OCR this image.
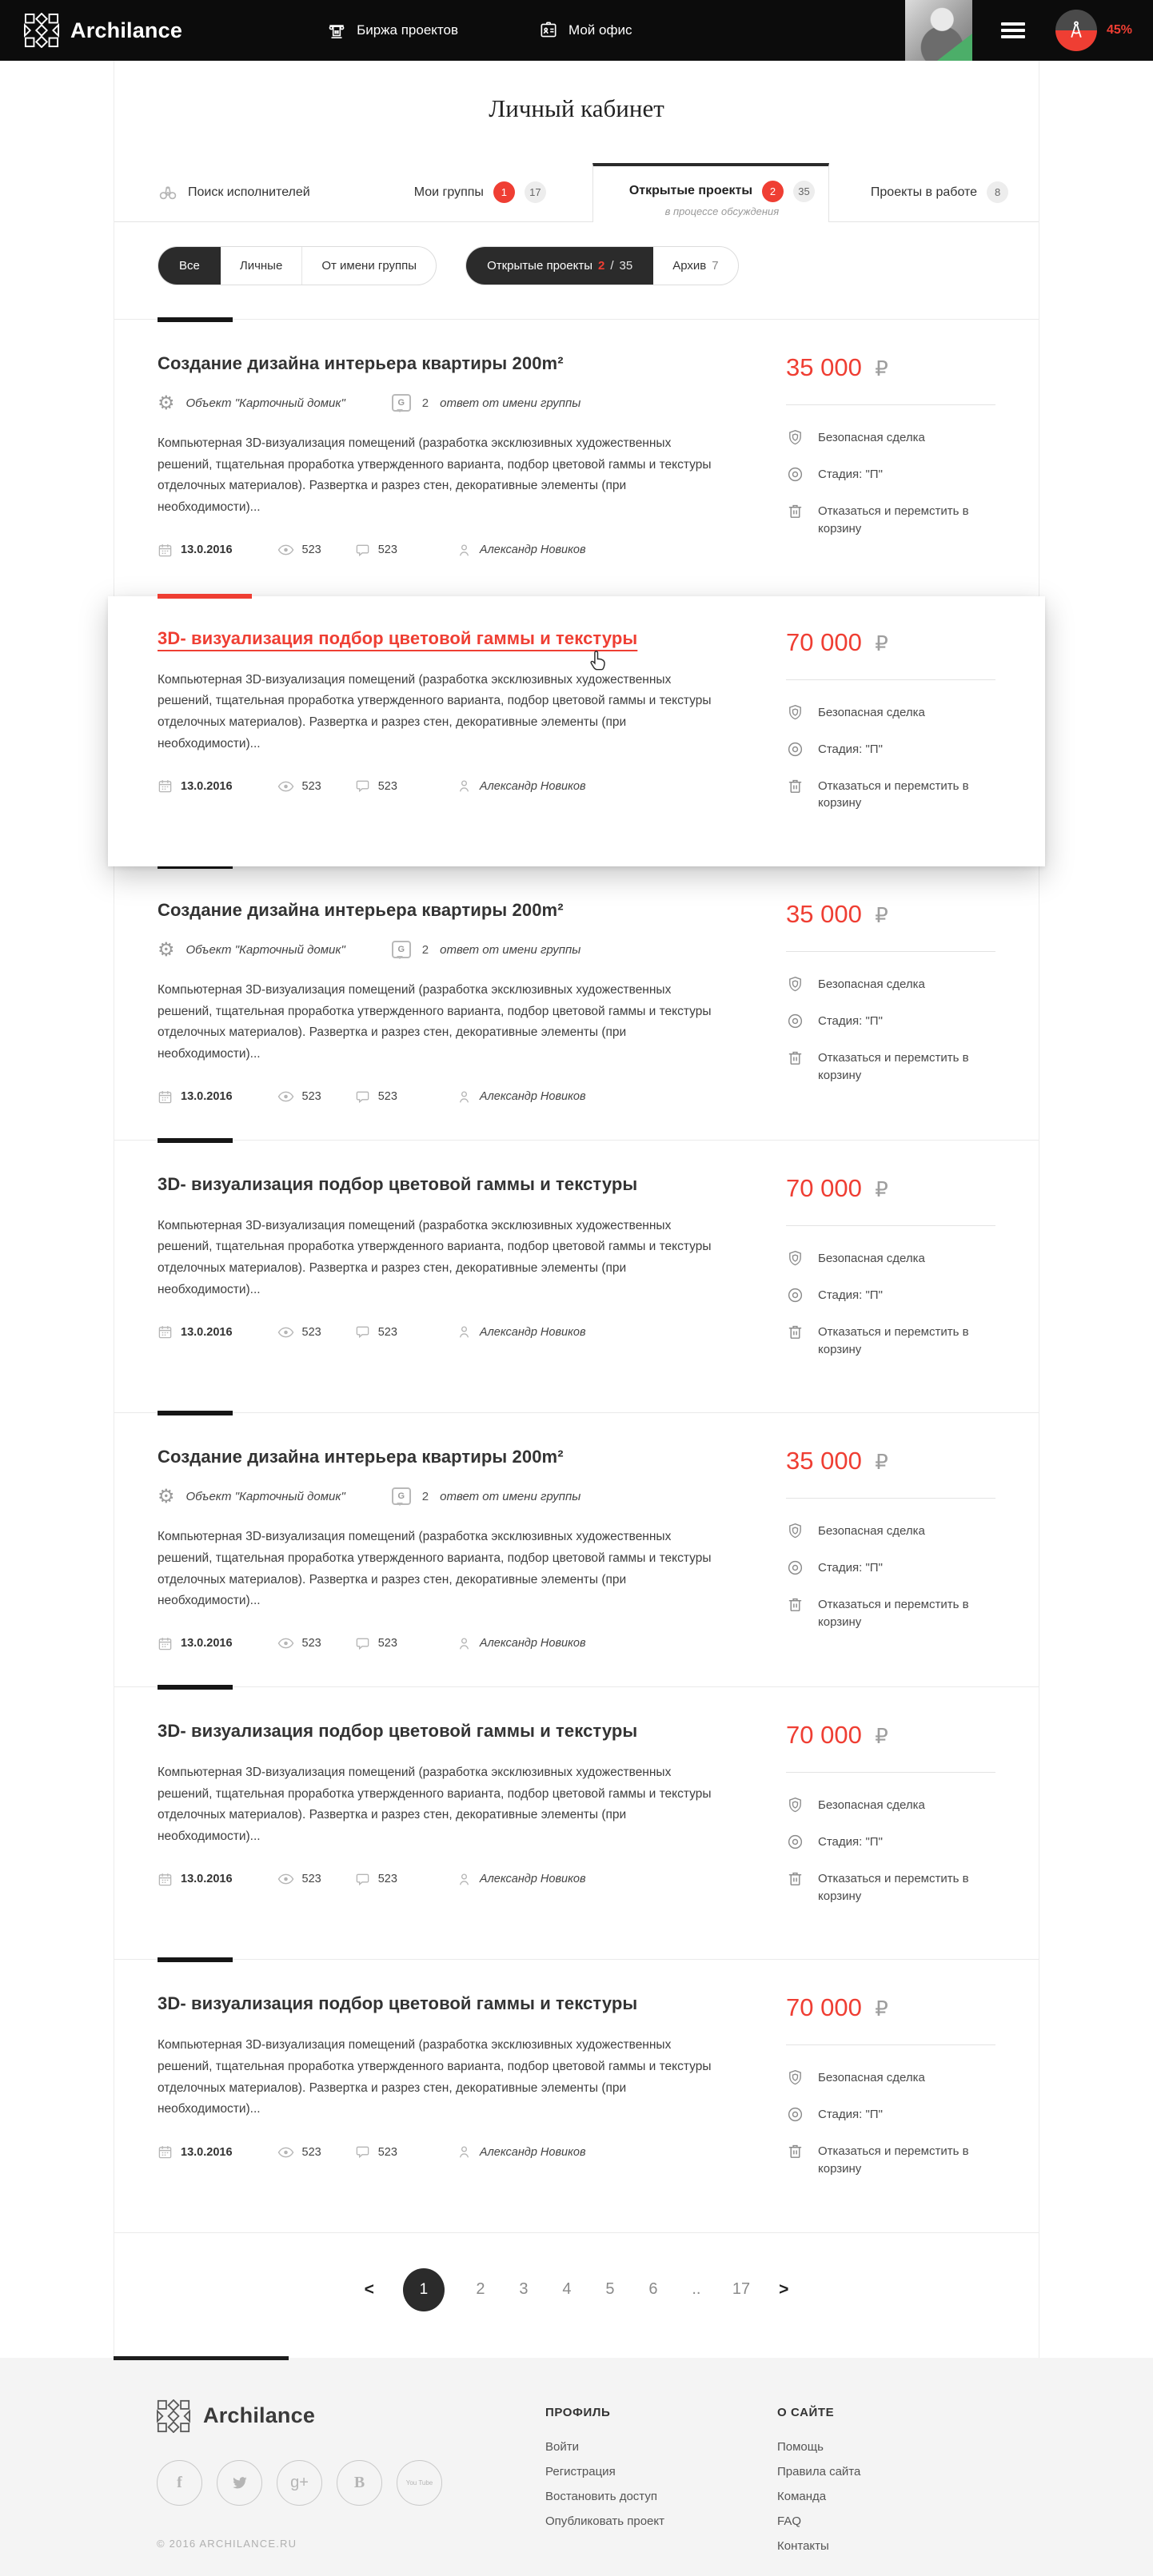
Archilance	Биржа проектов	Мой офис	45%
Личный кабинет
Поиск исполнителей	Мои группы	1	17	Открытые проекты	2	35
в процессе обсуждения
Проекты в работе	8
Все	Личные	От имени группы	Открытые проекты 2 / 35	Архив 7
Создание дизайна интерьера квартиры 200m²
⚙ Объект "Карточный домик"	G 2 ответ от имени группы

Компьютерная 3D-визуализация помещений (разработка эксклюзивных художественных решений, тщательная проработка утвержденного варианта, подбор цветовой гаммы и текстуры отделочных материалов). Развертка и разрез стен, декоративные элементы (при необходимости)...

13.0.2016	523	523	Александр Новиков
35 000 ₽
Безопасная сделка
Стадия: "П"
Отказаться и перемстить в корзину
3D- визуализация подбор цветовой гаммы и текстуры

Компьютерная 3D-визуализация помещений (разработка эксклюзивных художественных решений, тщательная проработка утвержденного варианта, подбор цветовой гаммы и текстуры отделочных материалов). Развертка и разрез стен, декоративные элементы (при необходимости)...

13.0.2016	523	523	Александр Новиков
70 000 ₽
Безопасная сделка
Стадия: "П"
Отказаться и перемстить в корзину
Создание дизайна интерьера квартиры 200m²
⚙ Объект "Карточный домик"	G 2 ответ от имени группы

Компьютерная 3D-визуализация помещений (разработка эксклюзивных художественных решений, тщательная проработка утвержденного варианта, подбор цветовой гаммы и текстуры отделочных материалов). Развертка и разрез стен, декоративные элементы (при необходимости)...

13.0.2016	523	523	Александр Новиков
35 000 ₽
Безопасная сделка
Стадия: "П"
Отказаться и перемстить в корзину
3D- визуализация подбор цветовой гаммы и текстуры

Компьютерная 3D-визуализация помещений (разработка эксклюзивных художественных решений, тщательная проработка утвержденного варианта, подбор цветовой гаммы и текстуры отделочных материалов). Развертка и разрез стен, декоративные элементы (при необходимости)...

13.0.2016	523	523	Александр Новиков
70 000 ₽
Безопасная сделка
Стадия: "П"
Отказаться и перемстить в корзину
Создание дизайна интерьера квартиры 200m²
⚙ Объект "Карточный домик"	G 2 ответ от имени группы

Компьютерная 3D-визуализация помещений (разработка эксклюзивных художественных решений, тщательная проработка утвержденного варианта, подбор цветовой гаммы и текстуры отделочных материалов). Развертка и разрез стен, декоративные элементы (при необходимости)...

13.0.2016	523	523	Александр Новиков
35 000 ₽
Безопасная сделка
Стадия: "П"
Отказаться и перемстить в корзину
3D- визуализация подбор цветовой гаммы и текстуры

Компьютерная 3D-визуализация помещений (разработка эксклюзивных художественных решений, тщательная проработка утвержденного варианта, подбор цветовой гаммы и текстуры отделочных материалов). Развертка и разрез стен, декоративные элементы (при необходимости)...

13.0.2016	523	523	Александр Новиков
70 000 ₽
Безопасная сделка
Стадия: "П"
Отказаться и перемстить в корзину
3D- визуализация подбор цветовой гаммы и текстуры

Компьютерная 3D-визуализация помещений (разработка эксклюзивных художественных решений, тщательная проработка утвержденного варианта, подбор цветовой гаммы и текстуры отделочных материалов). Развертка и разрез стен, декоративные элементы (при необходимости)...

13.0.2016	523	523	Александр Новиков
70 000 ₽
Безопасная сделка
Стадия: "П"
Отказаться и перемстить в корзину
<	1	2 3 4 5 6 .. 17 >
Archilance
f	g+	B	You Tube
© 2016 ARCHILANCE.RU
ПРОФИЛЬ
Войти
Регистрация
Востановить доступ
Опубликовать проект
О САЙТЕ
Помощь
Правила сайта
Команда
FAQ
Контакты
